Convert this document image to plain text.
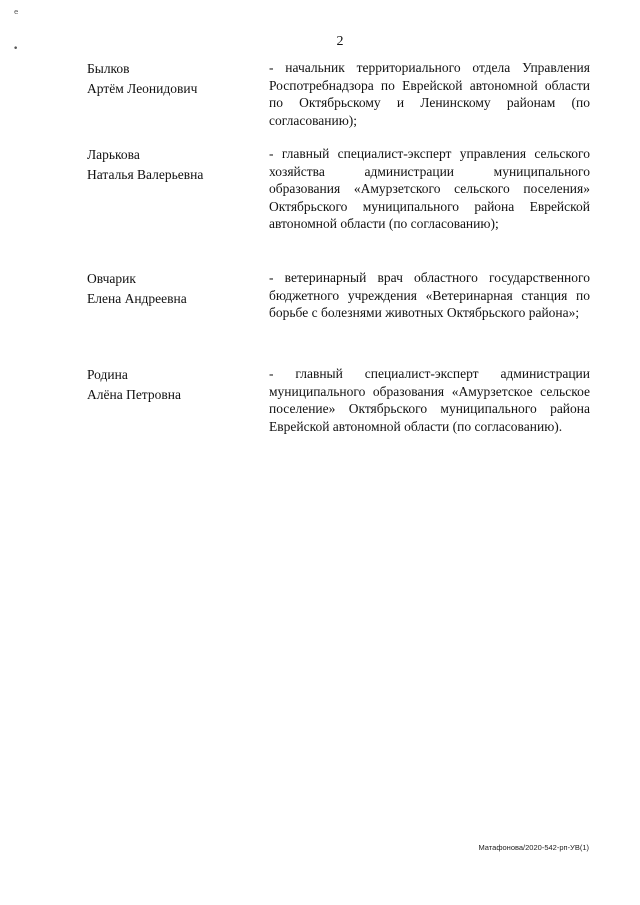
e
•	2
Былков
Артём Леонидович
- начальник территориального отдела Управления Роспотребнадзора по Еврейской автономной области по Октябрьскому и Ленинскому районам (по согласованию);
Ларькова
Наталья Валерьевна
- главный специалист-эксперт управления сельского хозяйства администрации муниципального образования «Амурзетского сельского поселения» Октябрьского муниципального района Еврейской автономной области (по согласованию);
Овчарик
Елена Андреевна
- ветеринарный врач областного государственного бюджетного учреждения «Ветеринарная станция по борьбе с болезнями животных Октябрьского района»;
Родина
Алёна Петровна
- главный специалист-эксперт администрации муниципального образования «Амурзетское сельское поселение» Октябрьского муниципального района Еврейской автономной области (по согласованию).
Матафонова/2020-542-рп-УВ(1)
